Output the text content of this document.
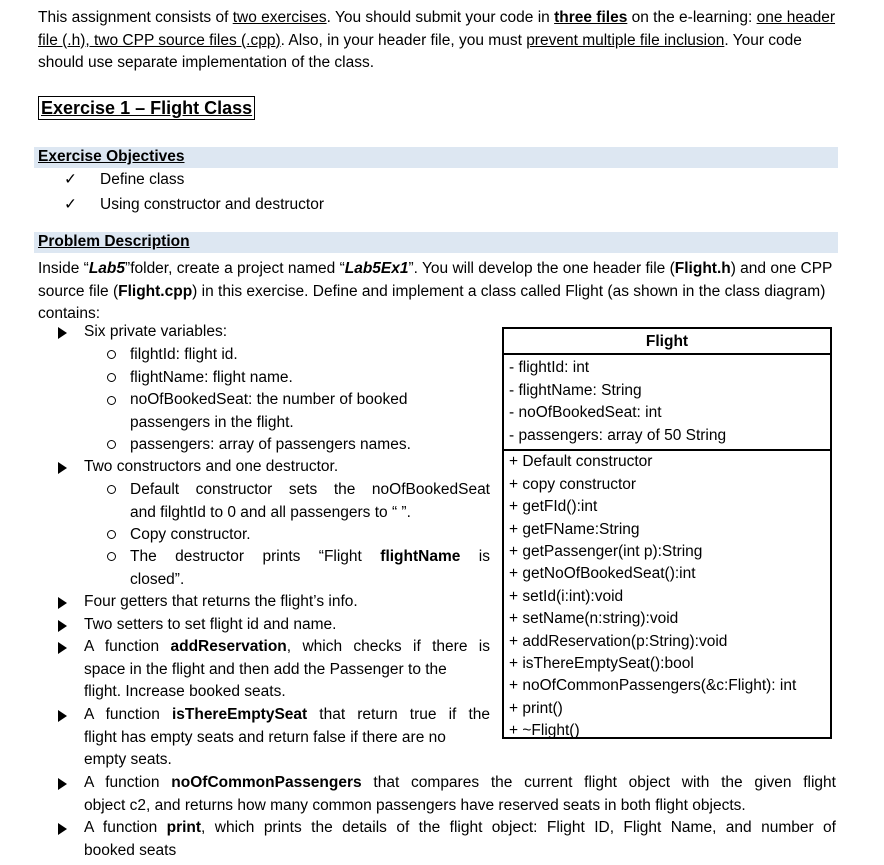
This assignment consists of two exercises. You should submit your code in three files on the e-learning: one header file (.h), two CPP source files (.cpp). Also, in your header file, you must prevent multiple file inclusion. Your code should use separate implementation of the class.
Exercise 1 – Flight Class
Exercise Objectives
✓ Define class
✓ Using constructor and destructor
Problem Description
Inside “Lab5”folder, create a project named “Lab5Ex1”. You will develop the one header file (Flight.h) and one CPP source file (Flight.cpp) in this exercise. Define and implement a class called Flight (as shown in the class diagram) contains:
Six private variables:
filghtId: flight id.
flightName: flight name.
noOfBookedSeat: the number of booked
passengers in the flight.
passengers: array of passengers names.
Two constructors and one destructor.
Default constructor sets the noOfBookedSeat
and filghtId to 0 and all passengers to “ ”.
Copy constructor.
The destructor prints “Flight flightName is
closed”.
Four getters that returns the flight’s info.
Two setters to set flight id and name.
A function addReservation, which checks if there is
space in the flight and then add the Passenger to the
flight. Increase booked seats.
A function isThereEmptySeat that return true if the
flight has empty seats and return false if there are no
empty seats.
A function noOfCommonPassengers that compares the current flight object with the given flight
object c2, and returns how many common passengers have reserved seats in both flight objects.
A function print, which prints the details of the flight object: Flight ID, Flight Name, and number of
booked seats
Flight
- flightId: int
- flightName: String
- noOfBookedSeat: int
- passengers: array of 50 String
+ Default constructor
+ copy constructor
+ getFId():int
+ getFName:String
+ getPassenger(int p):String
+ getNoOfBookedSeat():int
+ setId(i:int):void
+ setName(n:string):void
+ addReservation(p:String):void
+ isThereEmptySeat():bool
+ noOfCommonPassengers(&c:Flight): int
+ print()
+ ~Flight()
